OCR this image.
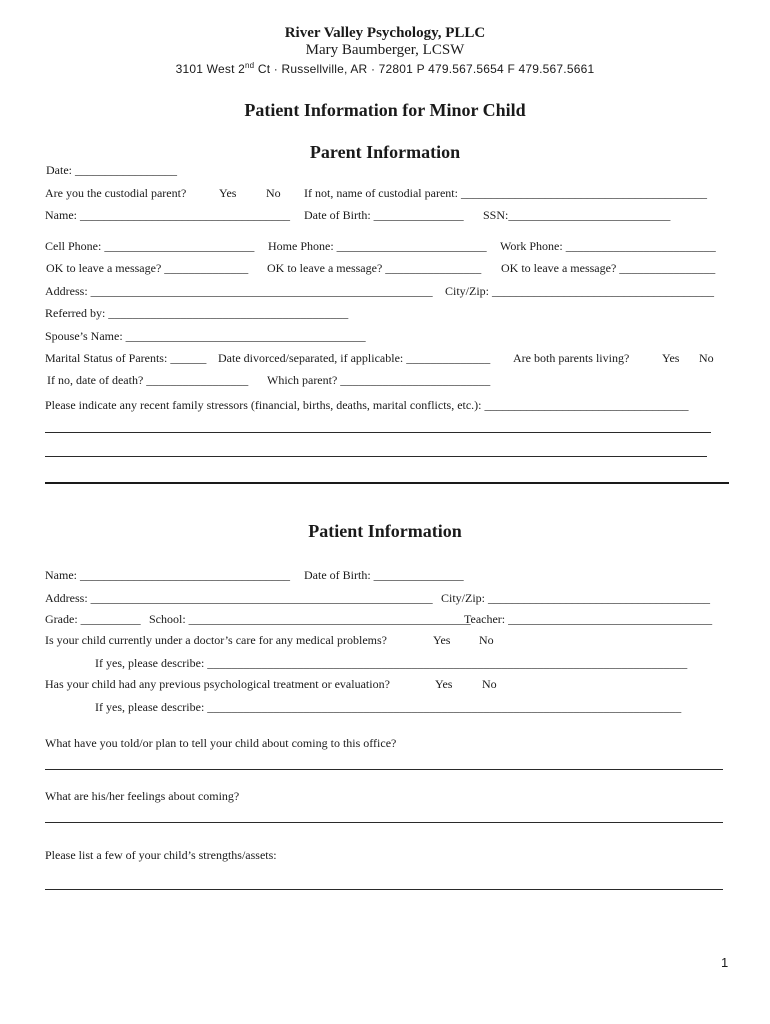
River Valley Psychology, PLLC
Mary Baumberger, LCSW
3101 West 2nd Ct · Russellville, AR · 72801 P 479.567.5654 F 479.567.5661
Patient Information for Minor Child
Parent Information
Date: _________________
Are you the custodial parent?	Yes No If not, name of custodial parent: _________________________________________
Name: ___________________________________ Date of Birth: _______________ SSN:___________________________
Cell Phone: _________________________ Home Phone: _________________________ Work Phone: _________________________
OK to leave a message? ______________ OK to leave a message? ________________ OK to leave a message? ________________
Address: _________________________________________________________ City/Zip: _____________________________________
Referred by: ________________________________________
Spouse’s Name: ________________________________________
Marital Status of Parents: ______ Date divorced/separated, if applicable: ______________ Are both parents living?	Yes No
If no, date of death? _________________ Which parent? _________________________
Please indicate any recent family stressors (financial, births, deaths, marital conflicts, etc.): __________________________________
Patient Information
Name: ___________________________________ Date of Birth: _______________
Address: _________________________________________________________ City/Zip: _____________________________________
Grade: __________ School: _______________________________________________
Teacher: __________________________________
Is your child currently under a doctor’s care for any medical problems?	Yes No
If yes, please describe: ________________________________________________________________________________
Has your child had any previous psychological treatment or evaluation?	Yes No
If yes, please describe: _______________________________________________________________________________
What have you told/or plan to tell your child about coming to this office?
What are his/her feelings about coming?
Please list a few of your child’s strengths/assets:
1
